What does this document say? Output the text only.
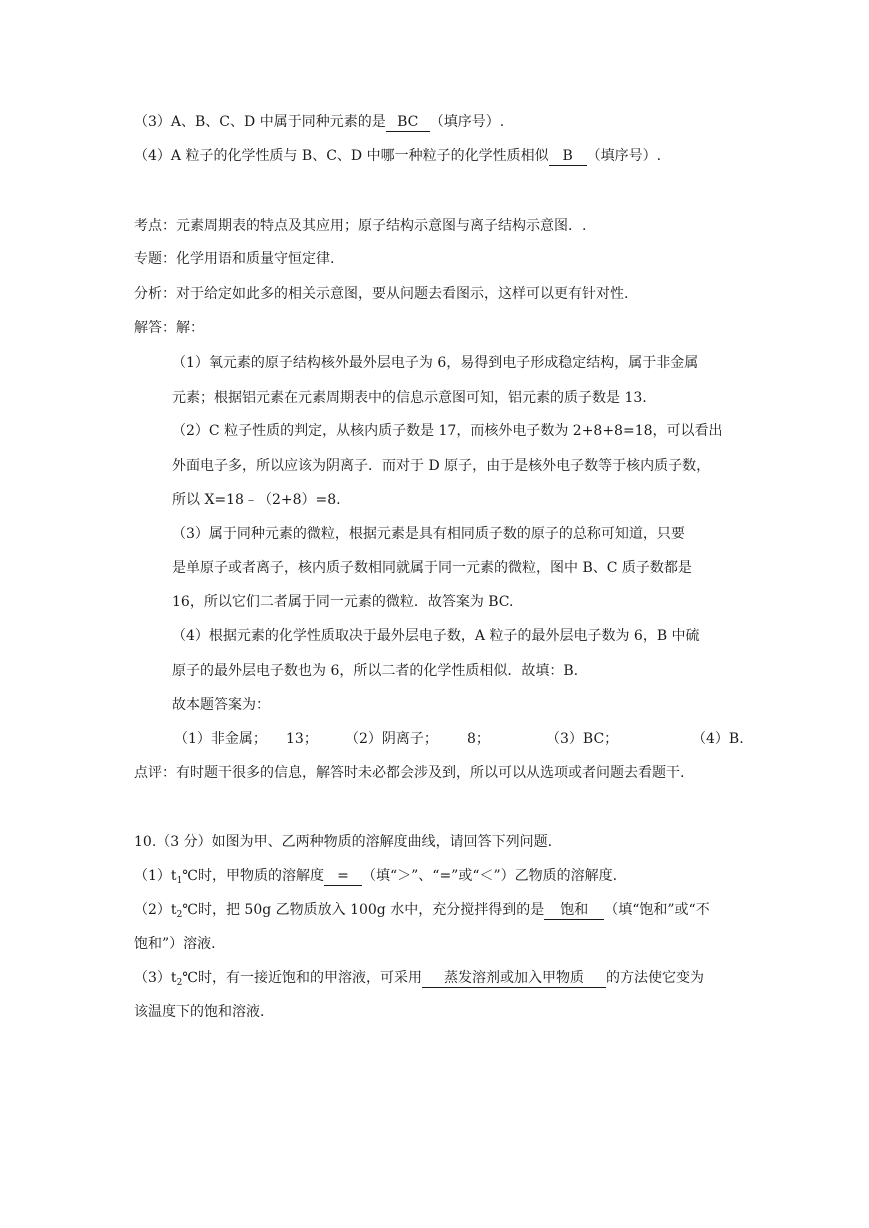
（3）A、B、C、D 中属于同种元素的是 BC （填序号）.
（4）A 粒子的化学性质与 B、C、D 中哪一种粒子的化学性质相似 B （填序号）.
考点：元素周期表的特点及其应用；原子结构示意图与离子结构示意图．.
专题：化学用语和质量守恒定律.
分析：对于给定如此多的相关示意图，要从问题去看图示，这样可以更有针对性.
解答：解：
（1）氧元素的原子结构核外最外层电子为 6，易得到电子形成稳定结构，属于非金属
元素；根据铝元素在元素周期表中的信息示意图可知，铝元素的质子数是 13.
（2）C 粒子性质的判定，从核内质子数是 17，而核外电子数为 2+8+8=18，可以看出
外面电子多，所以应该为阴离子．而对于 D 原子，由于是核外电子数等于核内质子数，
所以 X=18﹣（2+8）=8.
（3）属于同种元素的微粒，根据元素是具有相同质子数的原子的总称可知道，只要
是单原子或者离子，核内质子数相同就属于同一元素的微粒，图中 B、C 质子数都是
16，所以它们二者属于同一元素的微粒．故答案为 BC.
（4）根据元素的化学性质取决于最外层电子数，A 粒子的最外层电子数为 6，B 中硫
原子的最外层电子数也为 6，所以二者的化学性质相似．故填：B.
故本题答案为：
（1）非金属； 13； （2）阴离子； 8；	（3）BC；	（4）B.
点评：有时题干很多的信息，解答时未必都会涉及到，所以可以从选项或者问题去看题干.
10.（3 分）如图为甲、乙两种物质的溶解度曲线，请回答下列问题.
$(1)t_1℃$时，甲物质的溶解度 = （填“＞”、“=”或“＜”）乙物质的溶解度.
$(2)t_2℃$时，把 50g 乙物质放入 100g 水中，充分搅拌得到的是 饱和 （填“饱和”或“不
饱和”）溶液.
$(3)t_2℃$时，有一接近饱和的甲溶液，可采用 蒸发溶剂或加入甲物质 的方法使它变为
该温度下的饱和溶液.
